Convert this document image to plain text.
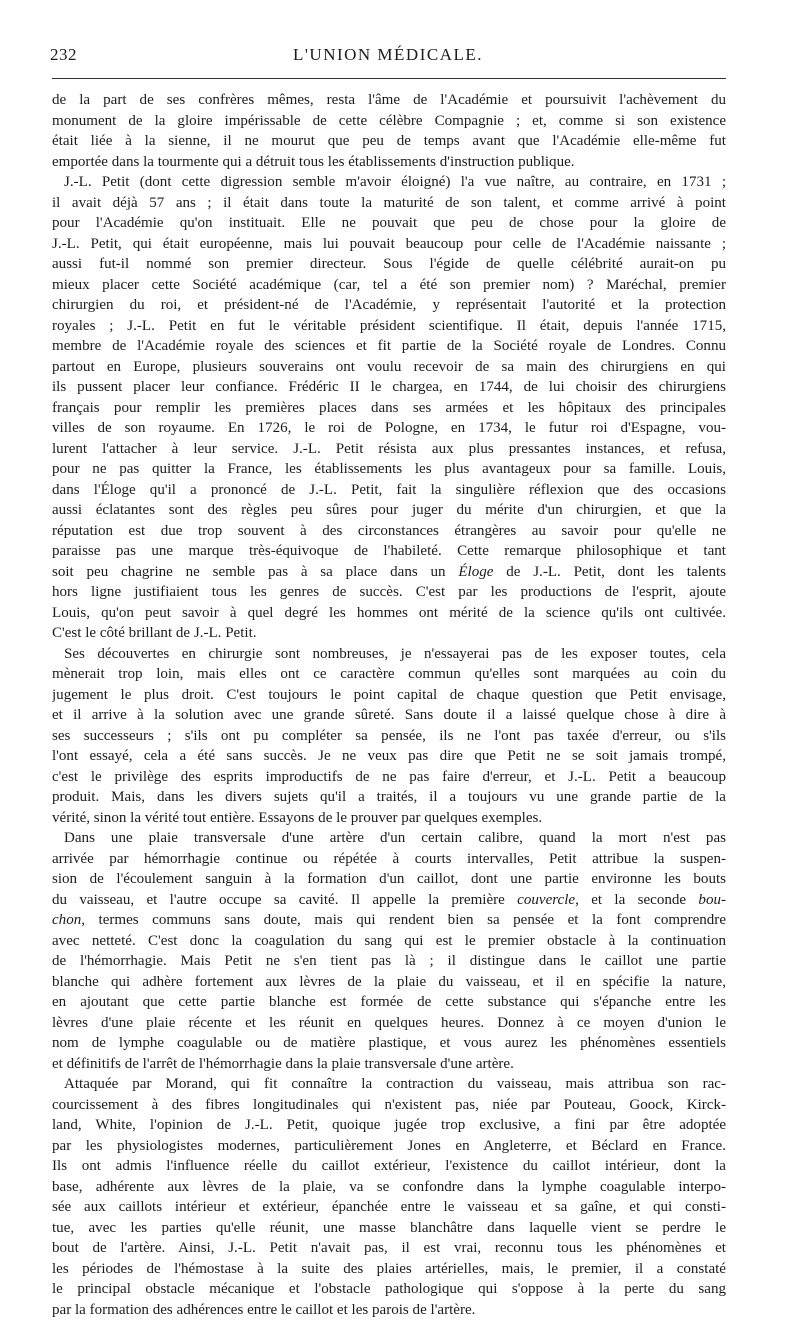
232	L'UNION MÉDICALE.
de la part de ses confrères mêmes, resta l'âme de l'Académie et poursuivit l'achèvement du
monument de la gloire impérissable de cette célèbre Compagnie ; et, comme si son existence
était liée à la sienne, il ne mourut que peu de temps avant que l'Académie elle-même fut
emportée dans la tourmente qui a détruit tous les établissements d'instruction publique.
J.-L. Petit (dont cette digression semble m'avoir éloigné) l'a vue naître, au contraire, en 1731 ;
il avait déjà 57 ans ; il était dans toute la maturité de son talent, et comme arrivé à point
pour l'Académie qu'on instituait. Elle ne pouvait que peu de chose pour la gloire de
J.-L. Petit, qui était européenne, mais lui pouvait beaucoup pour celle de l'Académie naissante ;
aussi fut-il nommé son premier directeur. Sous l'égide de quelle célébrité aurait-on pu
mieux placer cette Société académique (car, tel a été son premier nom) ? Maréchal, premier
chirurgien du roi, et président-né de l'Académie, y représentait l'autorité et la protection
royales ; J.-L. Petit en fut le véritable président scientifique. Il était, depuis l'année 1715,
membre de l'Académie royale des sciences et fit partie de la Société royale de Londres. Connu
partout en Europe, plusieurs souverains ont voulu recevoir de sa main des chirurgiens en qui
ils pussent placer leur confiance. Frédéric II le chargea, en 1744, de lui choisir des chirurgiens
français pour remplir les premières places dans ses armées et les hôpitaux des principales
villes de son royaume. En 1726, le roi de Pologne, en 1734, le futur roi d'Espagne, vou-
lurent l'attacher à leur service. J.-L. Petit résista aux plus pressantes instances, et refusa,
pour ne pas quitter la France, les établissements les plus avantageux pour sa famille. Louis,
dans l'Éloge qu'il a prononcé de J.-L. Petit, fait la singulière réflexion que des occasions
aussi éclatantes sont des règles peu sûres pour juger du mérite d'un chirurgien, et que la
réputation est due trop souvent à des circonstances étrangères au savoir pour qu'elle ne
paraisse pas une marque très-équivoque de l'habileté. Cette remarque philosophique et tant
soit peu chagrine ne semble pas à sa place dans un Éloge de J.-L. Petit, dont les talents
hors ligne justifiaient tous les genres de succès. C'est par les productions de l'esprit, ajoute
Louis, qu'on peut savoir à quel degré les hommes ont mérité de la science qu'ils ont cultivée.
C'est le côté brillant de J.-L. Petit.
Ses découvertes en chirurgie sont nombreuses, je n'essayerai pas de les exposer toutes, cela
mènerait trop loin, mais elles ont ce caractère commun qu'elles sont marquées au coin du
jugement le plus droit. C'est toujours le point capital de chaque question que Petit envisage,
et il arrive à la solution avec une grande sûreté. Sans doute il a laissé quelque chose à dire à
ses successeurs ; s'ils ont pu compléter sa pensée, ils ne l'ont pas taxée d'erreur, ou s'ils
l'ont essayé, cela a été sans succès. Je ne veux pas dire que Petit ne se soit jamais trompé,
c'est le privilège des esprits improductifs de ne pas faire d'erreur, et J.-L. Petit a beaucoup
produit. Mais, dans les divers sujets qu'il a traités, il a toujours vu une grande partie de la
vérité, sinon la vérité tout entière. Essayons de le prouver par quelques exemples.
Dans une plaie transversale d'une artère d'un certain calibre, quand la mort n'est pas
arrivée par hémorrhagie continue ou répétée à courts intervalles, Petit attribue la suspen-
sion de l'écoulement sanguin à la formation d'un caillot, dont une partie environne les bouts
du vaisseau, et l'autre occupe sa cavité. Il appelle la première couvercle, et la seconde bou-
chon, termes communs sans doute, mais qui rendent bien sa pensée et la font comprendre
avec netteté. C'est donc la coagulation du sang qui est le premier obstacle à la continuation
de l'hémorrhagie. Mais Petit ne s'en tient pas là ; il distingue dans le caillot une partie
blanche qui adhère fortement aux lèvres de la plaie du vaisseau, et il en spécifie la nature,
en ajoutant que cette partie blanche est formée de cette substance qui s'épanche entre les
lèvres d'une plaie récente et les réunit en quelques heures. Donnez à ce moyen d'union le
nom de lymphe coagulable ou de matière plastique, et vous aurez les phénomènes essentiels
et définitifs de l'arrêt de l'hémorrhagie dans la plaie transversale d'une artère.
Attaquée par Morand, qui fit connaître la contraction du vaisseau, mais attribua son rac-
courcissement à des fibres longitudinales qui n'existent pas, niée par Pouteau, Goock, Kirck-
land, White, l'opinion de J.-L. Petit, quoique jugée trop exclusive, a fini par être adoptée
par les physiologistes modernes, particulièrement Jones en Angleterre, et Béclard en France.
Ils ont admis l'influence réelle du caillot extérieur, l'existence du caillot intérieur, dont la
base, adhérente aux lèvres de la plaie, va se confondre dans la lymphe coagulable interpo-
sée aux caillots intérieur et extérieur, épanchée entre le vaisseau et sa gaîne, et qui consti-
tue, avec les parties qu'elle réunit, une masse blanchâtre dans laquelle vient se perdre le
bout de l'artère. Ainsi, J.-L. Petit n'avait pas, il est vrai, reconnu tous les phénomènes et
les périodes de l'hémostase à la suite des plaies artérielles, mais, le premier, il a constaté
le principal obstacle mécanique et l'obstacle pathologique qui s'oppose à la perte du sang
par la formation des adhérences entre le caillot et les parois de l'artère.
